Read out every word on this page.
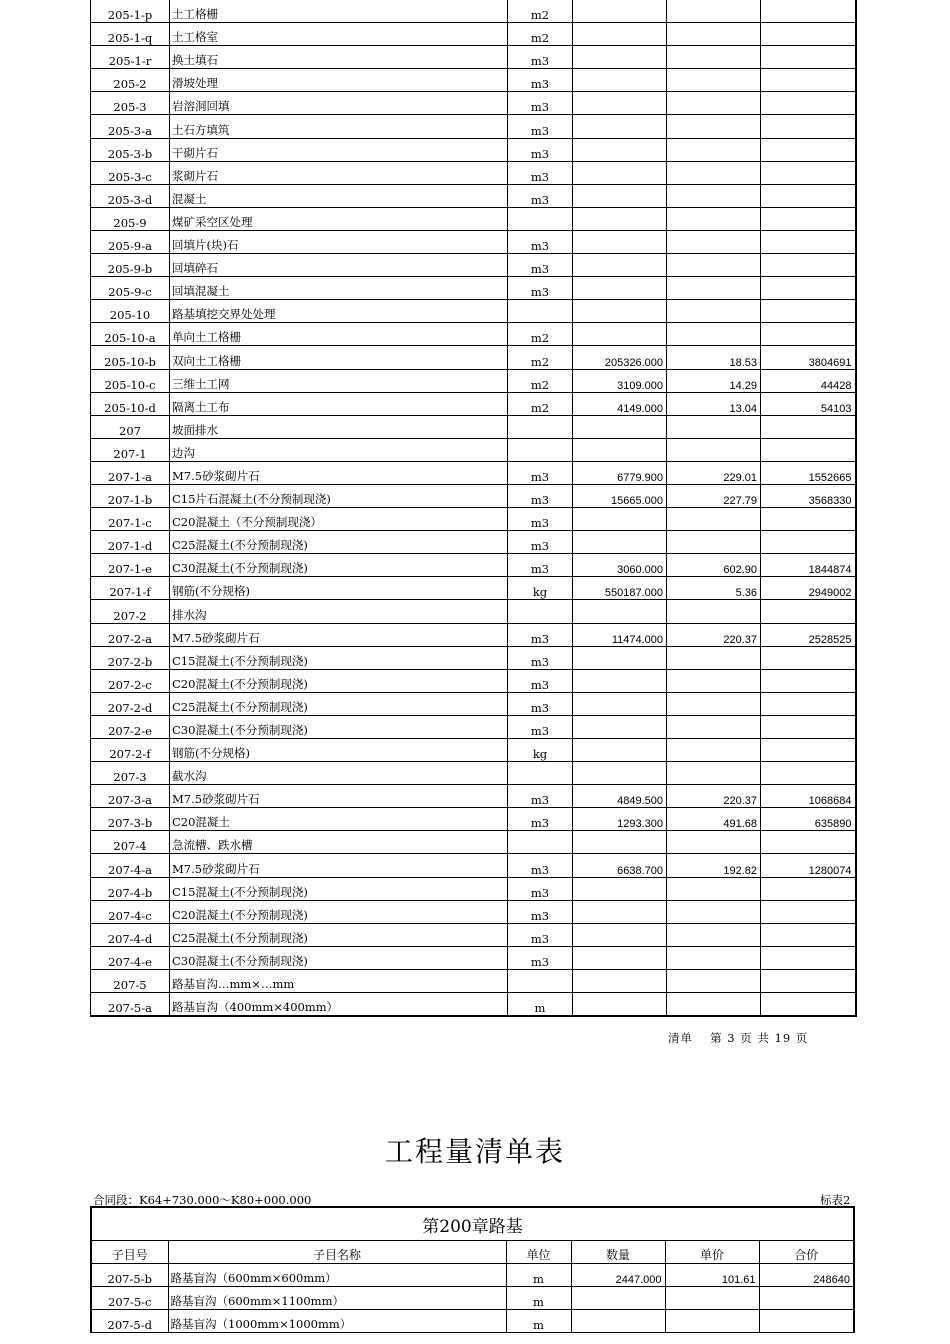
205-1-p	土工格栅	m2			
205-1-q	土工格室	m2			
205-1-r	换土填石	m3			
205-2	滑坡处理	m3			
205-3	岩溶洞回填	m3			
205-3-a	土石方填筑	m3			
205-3-b	干砌片石	m3			
205-3-c	浆砌片石	m3			
205-3-d	混凝土	m3			
205-9	煤矿采空区处理				
205-9-a	回填片(块)石	m3			
205-9-b	回填碎石	m3			
205-9-c	回填混凝土	m3			
205-10	路基填挖交界处处理				
205-10-a	单向土工格栅	m2			
205-10-b	双向土工格栅	m2	205326.000	18.53	3804691
205-10-c	三维土工网	m2	3109.000	14.29	44428
205-10-d	隔离土工布	m2	4149.000	13.04	54103
207	坡面排水				
207-1	边沟				
207-1-a	M7.5砂浆砌片石	m3	6779.900	229.01	1552665
207-1-b	C15片石混凝土(不分预制现浇)	m3	15665.000	227.79	3568330
207-1-c	C20混凝土（不分预制现浇）	m3			
207-1-d	C25混凝土(不分预制现浇)	m3			
207-1-e	C30混凝土(不分预制现浇)	m3	3060.000	602.90	1844874
207-1-f	钢筋(不分规格)	kg	550187.000	5.36	2949002
207-2	排水沟				
207-2-a	M7.5砂浆砌片石	m3	11474.000	220.37	2528525
207-2-b	C15混凝土(不分预制现浇)	m3			
207-2-c	C20混凝土(不分预制现浇)	m3			
207-2-d	C25混凝土(不分预制现浇)	m3			
207-2-e	C30混凝土(不分预制现浇)	m3			
207-2-f	钢筋(不分规格)	kg			
207-3	截水沟				
207-3-a	M7.5砂浆砌片石	m3	4849.500	220.37	1068684
207-3-b	C20混凝土	m3	1293.300	491.68	635890
207-4	急流槽、跌水槽				
207-4-a	M7.5砂浆砌片石	m3	6638.700	192.82	1280074
207-4-b	C15混凝土(不分预制现浇)	m3			
207-4-c	C20混凝土(不分预制现浇)	m3			
207-4-d	C25混凝土(不分预制现浇)	m3			
207-4-e	C30混凝土(不分预制现浇)	m3			
207-5	路基盲沟…mm×…mm				
207-5-a	路基盲沟（400mm×400mm）	m			
清单　 第 3 页 共 19 页
工程量清单表
合同段：K64+730.000～K80+000.000	标表2
第200章路基					
子目号	子目名称	单位	数量	单价	合价
207-5-b	路基盲沟（600mm×600mm）	m	2447.000	101.61	248640
207-5-c	路基盲沟（600mm×1100mm）	m			
207-5-d	路基盲沟（1000mm×1000mm）	m			
